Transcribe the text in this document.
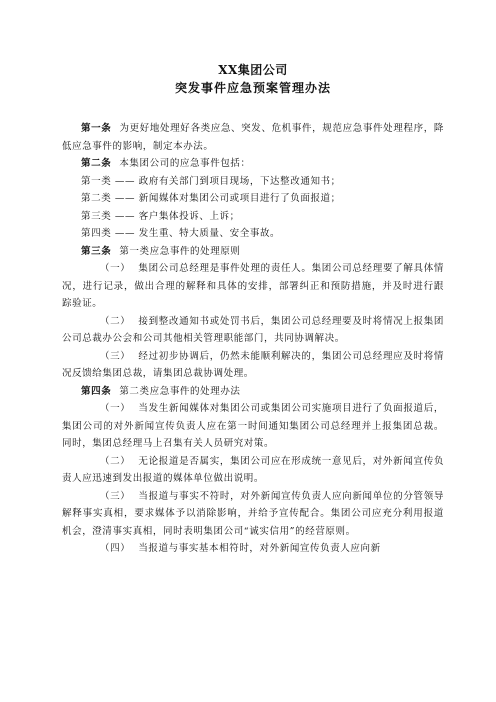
XX集团公司
突发事件应急预案管理办法

第一条 为更好地处理好各类应急、突发、危机事件，规范应急事件处理程序，降低应急事件的影响，制定本办法。

第二条 本集团公司的应急事件包括：

第一类 —— 政府有关部门到项目现场，下达整改通知书；

第二类 —— 新闻媒体对集团公司或项目进行了负面报道；

第三类 —— 客户集体投诉、上诉；

第四类 —— 发生重、特大质量、安全事故。

第三条 第一类应急事件的处理原则

（一） 集团公司总经理是事件处理的责任人。集团公司总经理要了解具体情况，进行记录，做出合理的解释和具体的安排，部署纠正和预防措施，并及时进行跟踪验证。

（二） 接到整改通知书或处罚书后，集团公司总经理要及时将情况上报集团公司总裁办公会和公司其他相关管理职能部门，共同协调解决。

（三） 经过初步协调后，仍然未能顺利解决的，集团公司总经理应及时将情况反馈给集团总裁，请集团总裁协调处理。

第四条 第二类应急事件的处理办法

（一） 当发生新闻媒体对集团公司或集团公司实施项目进行了负面报道后，集团公司的对外新闻宣传负责人应在第一时间通知集团公司总经理并上报集团总裁。同时，集团总经理马上召集有关人员研究对策。

（二） 无论报道是否属实，集团公司应在形成统一意见后，对外新闻宣传负责人应迅速到发出报道的媒体单位做出说明。

（三） 当报道与事实不符时，对外新闻宣传负责人应向新闻单位的分管领导解释事实真相，要求媒体予以消除影响，并给予宣传配合。集团公司应充分利用报道机会，澄清事实真相，同时表明集团公司“诚实信用”的经营原则。

（四） 当报道与事实基本相符时，对外新闻宣传负责人应向新
